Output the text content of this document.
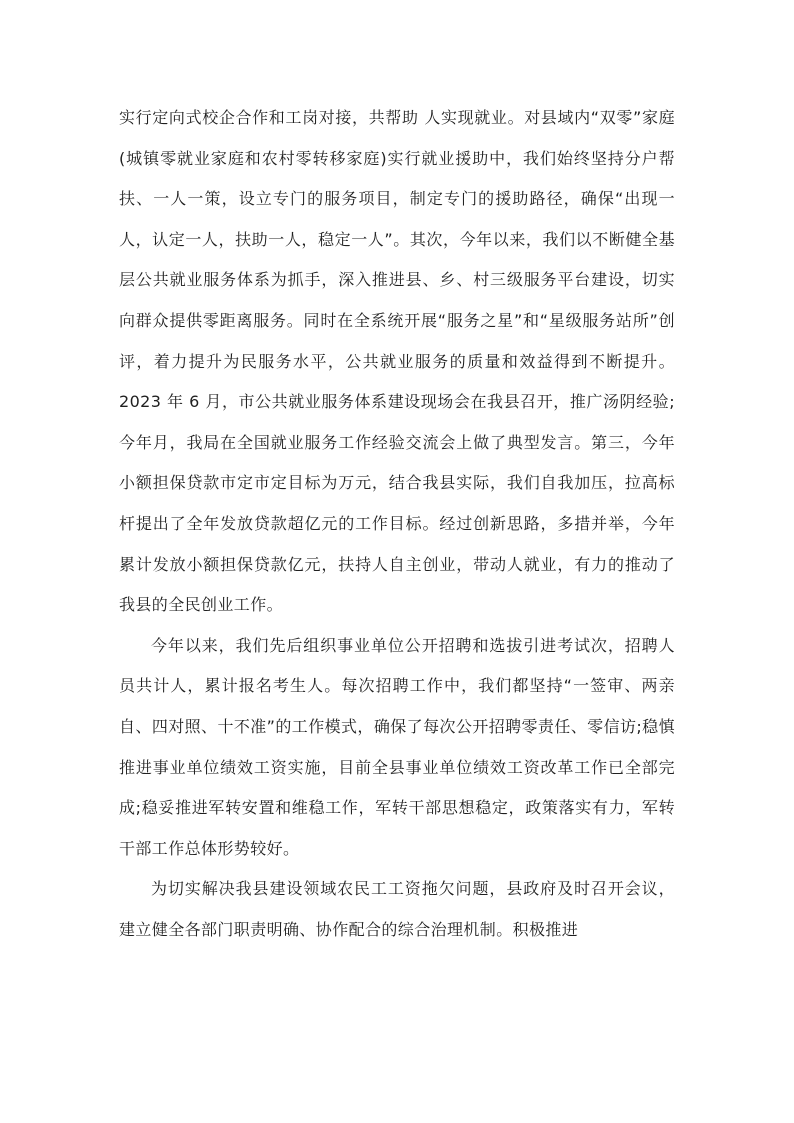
实行定向式校企合作和工岗对接，共帮助 人实现就业。对县域内“双零”家庭(城镇零就业家庭和农村零转移家庭)实行就业援助中，我们始终坚持分户帮扶、一人一策，设立专门的服务项目，制定专门的援助路径，确保“出现一人，认定一人，扶助一人，稳定一人”。其次，今年以来，我们以不断健全基层公共就业服务体系为抓手，深入推进县、乡、村三级服务平台建设，切实向群众提供零距离服务。同时在全系统开展“服务之星”和“星级服务站所”创评，着力提升为民服务水平，公共就业服务的质量和效益得到不断提升。2023 年 6 月，市公共就业服务体系建设现场会在我县召开，推广汤阴经验;今年月，我局在全国就业服务工作经验交流会上做了典型发言。第三，今年小额担保贷款市定市定目标为万元，结合我县实际，我们自我加压，拉高标杆提出了全年发放贷款超亿元的工作目标。经过创新思路，多措并举，今年累计发放小额担保贷款亿元，扶持人自主创业，带动人就业，有力的推动了我县的全民创业工作。

今年以来，我们先后组织事业单位公开招聘和选拔引进考试次，招聘人员共计人，累计报名考生人。每次招聘工作中，我们都坚持“一签审、两亲自、四对照、十不准”的工作模式，确保了每次公开招聘零责任、零信访;稳慎推进事业单位绩效工资实施，目前全县事业单位绩效工资改革工作已全部完成;稳妥推进军转安置和维稳工作，军转干部思想稳定，政策落实有力，军转干部工作总体形势较好。

为切实解决我县建设领域农民工工资拖欠问题，县政府及时召开会议，建立健全各部门职责明确、协作配合的综合治理机制。积极推进
